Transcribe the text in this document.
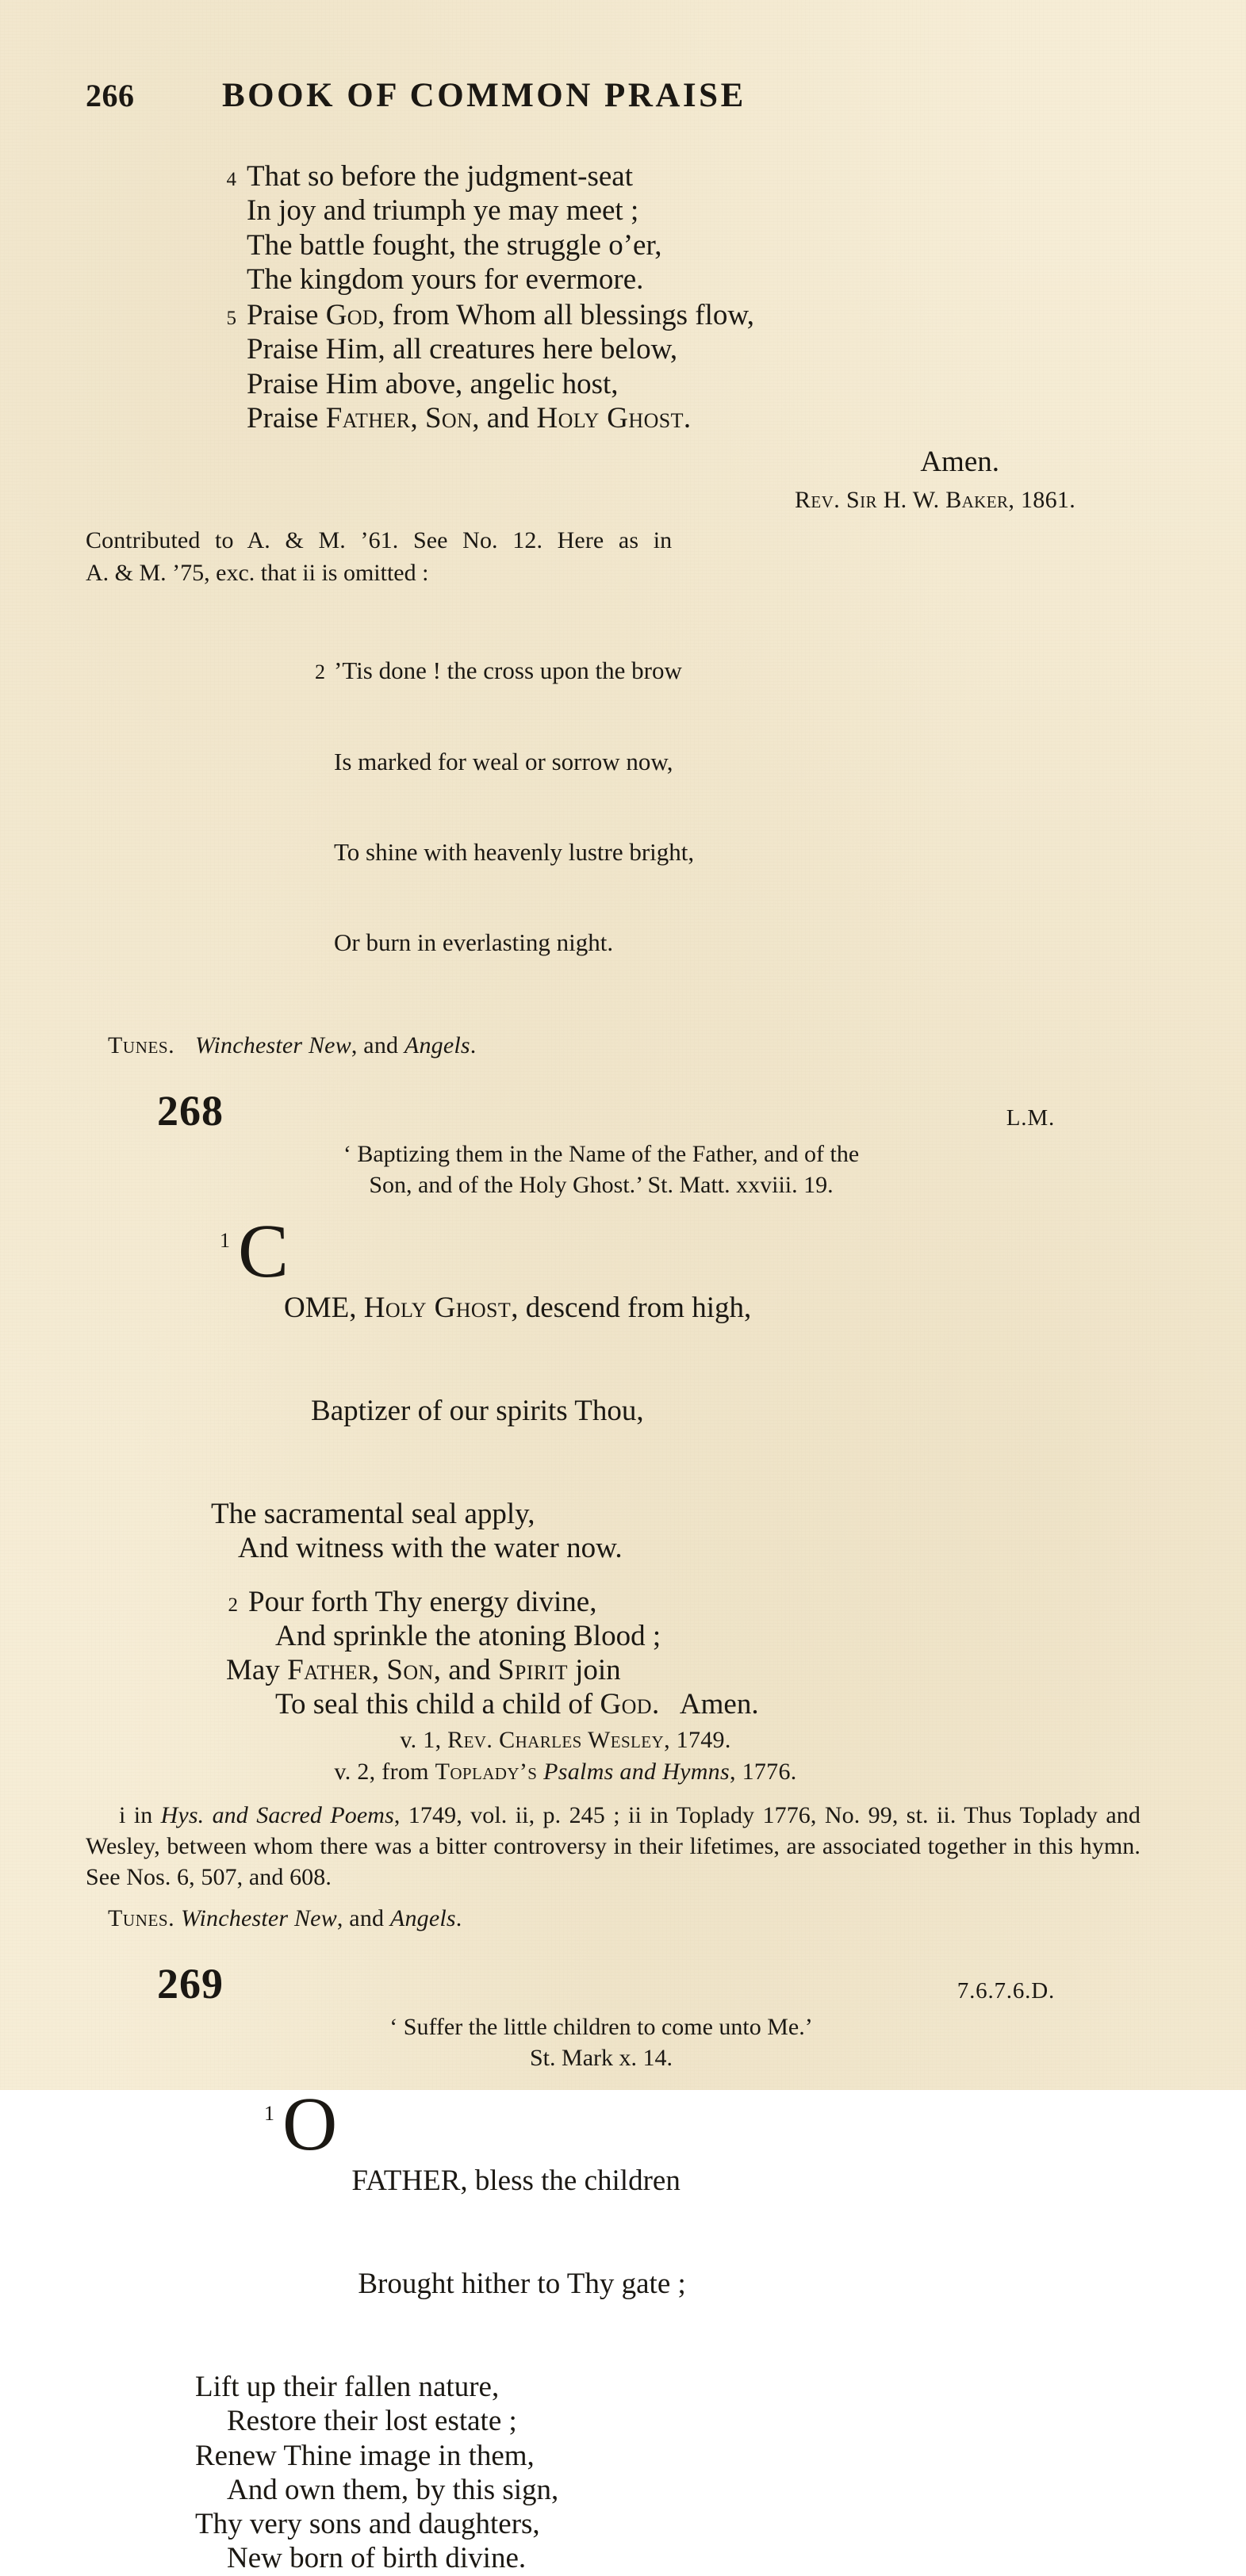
266	BOOK OF COMMON PRAISE
4 That so before the judgment-seat
In joy and triumph ye may meet ;
The battle fought, the struggle o’er,
The kingdom yours for evermore.
5 Praise God, from Whom all blessings flow,
Praise Him, all creatures here below,
Praise Him above, angelic host,
Praise Father, Son, and Holy Ghost.
Amen.
Rev. Sir H. W. Baker, 1861.
Contributed to A. & M. ’61. See No. 12. Here as in
A. & M. ’75, exc. that ii is omitted :

2 ’Tis done ! the cross upon the brow

Is marked for weal or sorrow now,

To shine with heavenly lustre bright,

Or burn in everlasting night.

Tunes. Winchester New, and Angels.
268	L.M.
‘ Baptizing them in the Name of the Father, and of the
Son, and of the Holy Ghost.’ St. Matt. xxviii. 19.
1 C

OME, Holy Ghost, descend from high,

Baptizer of our spirits Thou,

The sacramental seal apply,
And witness with the water now.
2 Pour forth Thy energy divine,
And sprinkle the atoning Blood ;
May Father, Son, and Spirit join
To seal this child a child of God.   Amen.
v. 1, Rev. Charles Wesley, 1749.
v. 2, from Toplady’s Psalms and Hymns, 1776.
i in Hys. and Sacred Poems, 1749, vol. ii, p. 245 ; ii in Toplady 1776, No. 99, st. ii. Thus Toplady and Wesley, between whom there was a bitter controversy in their lifetimes, are associated together in this hymn. See Nos. 6, 507, and 608.
Tunes. Winchester New, and Angels.
269	7.6.7.6.D.
‘ Suffer the little children to come unto Me.’
St. Mark x. 14.
1 O

FATHER, bless the children

Brought hither to Thy gate ;

Lift up their fallen nature,
Restore their lost estate ;
Renew Thine image in them,
And own them, by this sign,
Thy very sons and daughters,
New born of birth divine.
